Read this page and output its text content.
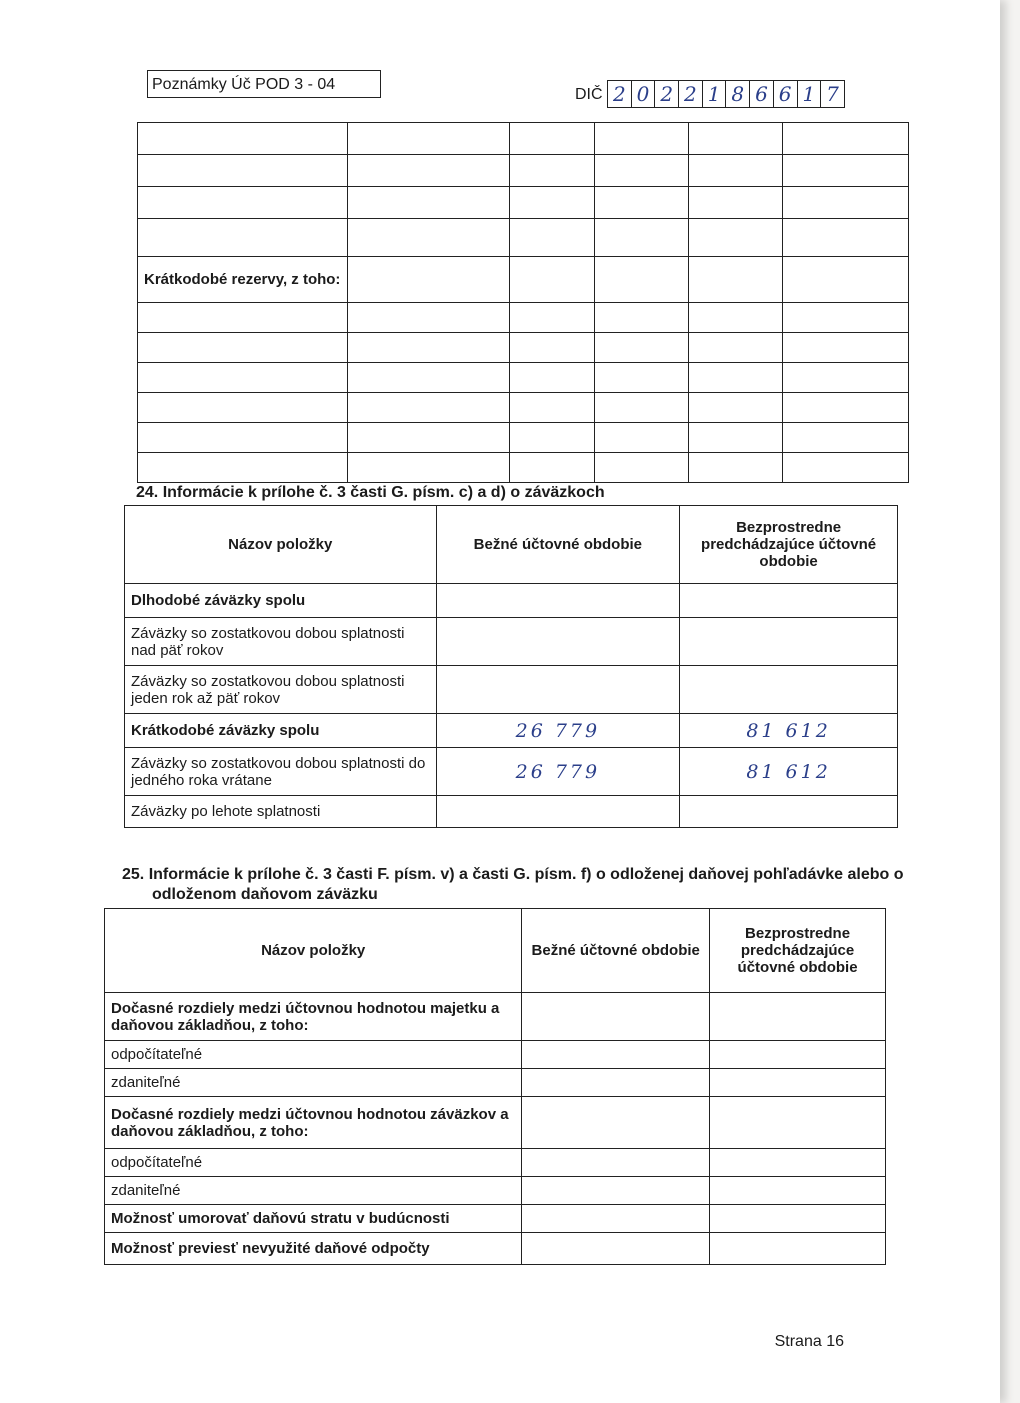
Poznámky Úč POD 3 - 04
DIČ 2 0 2 2 1 8 6 6 1 7

Krátkodobé rezervy, z toho:					

24. Informácie k prílohe č. 3 časti G. písm. c) a d) o záväzkoch
Názov položky	Bežné účtovné obdobie	Bezprostredne predchádzajúce účtovné obdobie
Dlhodobé záväzky spolu		
Záväzky so zostatkovou dobou splatnosti nad päť rokov		
Záväzky so zostatkovou dobou splatnosti jeden rok až päť rokov		
Krátkodobé záväzky spolu	26 779	81 612
Záväzky so zostatkovou dobou splatnosti do jedného roka vrátane	26 779	81 612
Záväzky po lehote splatnosti		
25. Informácie k prílohe č. 3 časti F. písm. v) a časti G. písm. f) o odloženej daňovej pohľadávke alebo o
odloženom daňovom záväzku
Názov položky	Bežné účtovné obdobie	Bezprostredne predchádzajúce účtovné obdobie
Dočasné rozdiely medzi účtovnou hodnotou majetku a daňovou základňou, z toho:		
odpočítateľné		
zdaniteľné		
Dočasné rozdiely medzi účtovnou hodnotou záväzkov a daňovou základňou, z toho:		
odpočítateľné		
zdaniteľné		
Možnosť umorovať daňovú stratu v budúcnosti		
Možnosť previesť nevyužité daňové odpočty		
Strana 16
